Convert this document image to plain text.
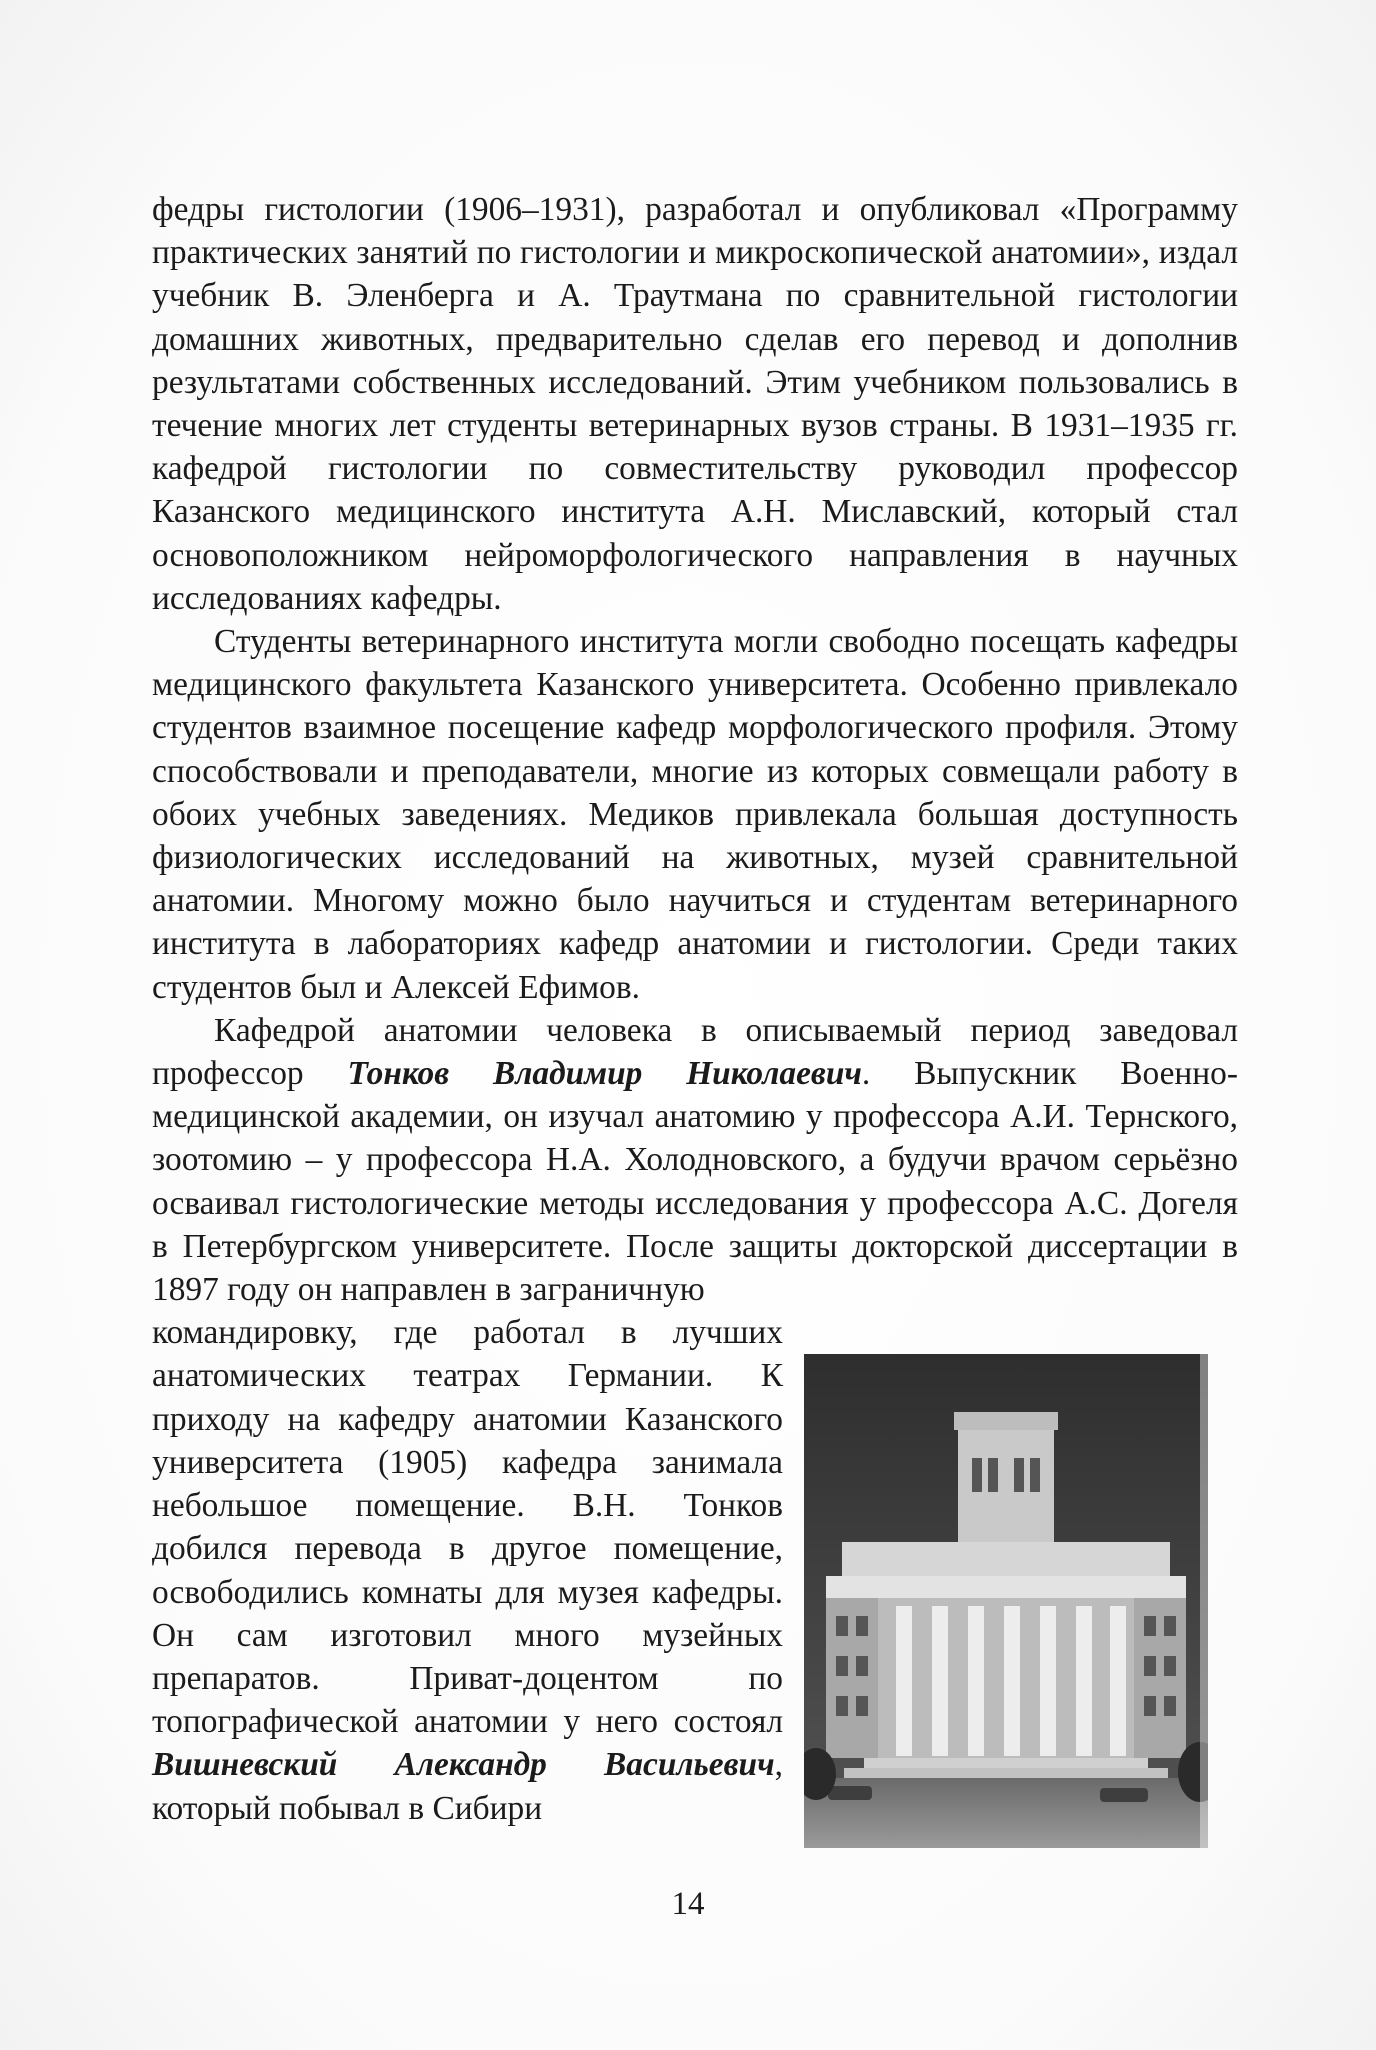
федры гистологии (1906–1931), разработал и опубликовал «Программу практических занятий по гистологии и микроскопической анатомии», издал учебник В. Эленберга и А. Траутмана по сравнительной гистологии домашних животных, предварительно сделав его перевод и дополнив результатами собственных исследований. Этим учебником пользовались в течение многих лет студенты ветеринарных вузов страны. В 1931–1935 гг. кафедрой гистологии по совместительству руководил профессор Казанского медицинского института А.Н. Миславский, который стал основоположником нейроморфологического направления в научных исследованиях кафедры.

Студенты ветеринарного института могли свободно посещать кафедры медицинского факультета Казанского университета. Особенно привлекало студентов взаимное посещение кафедр морфологического профиля. Этому способствовали и преподаватели, многие из которых совмещали работу в обоих учебных заведениях. Медиков привлекала большая доступность физиологических исследований на животных, музей сравнительной анатомии. Многому можно было научиться и студентам ветеринарного института в лабораториях кафедр анатомии и гистологии. Среди таких студентов был и Алексей Ефимов.

Кафедрой анатомии человека в описываемый период заведовал профессор Тонков Владимир Николаевич. Выпускник Военно-медицинской академии, он изучал анатомию у профессора А.И. Тернского, зоотомию – у профессора Н.А. Холодновского, а будучи врачом серьёзно осваивал гистологические методы исследования у профессора А.С. Догеля в Петербургском университете. После защиты докторской диссертации в 1897 году он направлен в заграничную

командировку, где работал в лучших анатомических театрах Германии. К приходу на кафедру анатомии Казанского университета (1905) кафедра занимала небольшое помещение. В.Н. Тонков добился перевода в другое помещение, освободились комнаты для музея кафедры. Он сам изготовил много музейных препаратов. Приват-доцентом по топографической анатомии у него состоял Вишневский Александр Васильевич, который побывал в Сибири

14
